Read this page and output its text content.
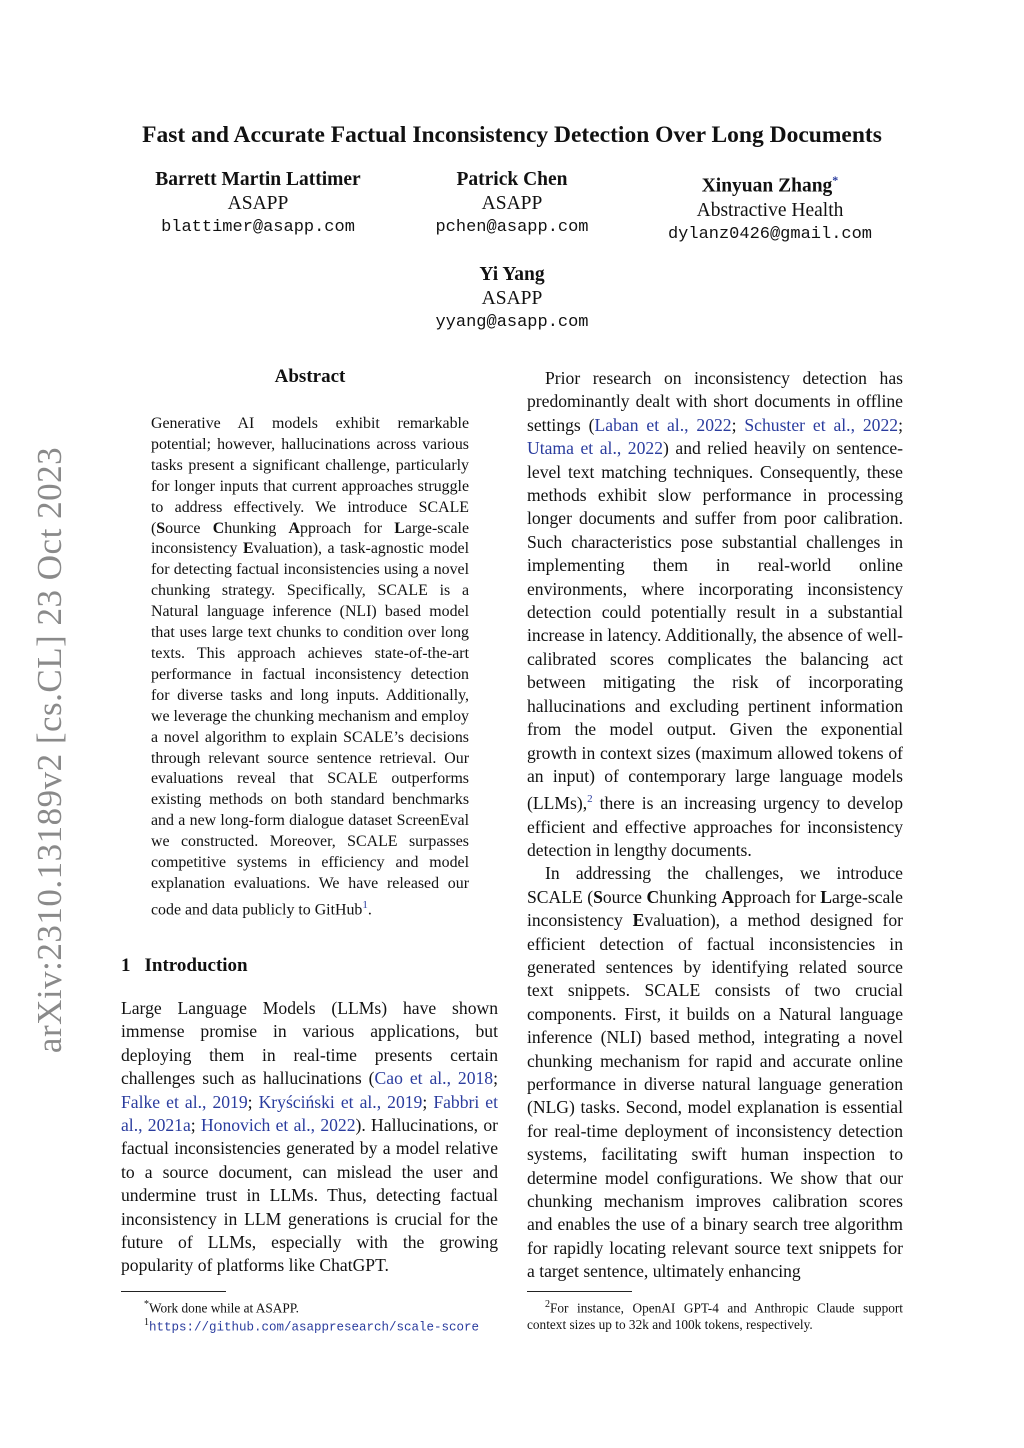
arXiv:2310.13189v2 [cs.CL] 23 Oct 2023
Fast and Accurate Factual Inconsistency Detection Over Long Documents
Barrett Martin Lattimer
ASAPP
blattimer@asapp.com
Patrick Chen
ASAPP
pchen@asapp.com
Xinyuan Zhang*
Abstractive Health
dylanz0426@gmail.com
Yi Yang
ASAPP
yyang@asapp.com
Abstract
Generative AI models exhibit remarkable potential; however, hallucinations across various tasks present a significant challenge, particularly for longer inputs that current approaches struggle to address effectively. We introduce SCALE (Source Chunking Approach for Large-scale inconsistency Evaluation), a task-agnostic model for detecting factual inconsistencies using a novel chunking strategy. Specifically, SCALE is a Natural language inference (NLI) based model that uses large text chunks to condition over long texts. This approach achieves state-of-the-art performance in factual inconsistency detection for diverse tasks and long inputs. Additionally, we leverage the chunking mechanism and employ a novel algorithm to explain SCALE’s decisions through relevant source sentence retrieval. Our evaluations reveal that SCALE outperforms existing methods on both standard benchmarks and a new long-form dialogue dataset ScreenEval we constructed. Moreover, SCALE surpasses competitive systems in efficiency and model explanation evaluations. We have released our code and data publicly to GitHub$^1$.
1 Introduction

Large Language Models (LLMs) have shown immense promise in various applications, but deploying them in real-time presents certain challenges such as hallucinations (Cao et al., 2018; Falke et al., 2019; Kryściński et al., 2019; Fabbri et al., 2021a; Honovich et al., 2022). Hallucinations, or factual inconsistencies generated by a model relative to a source document, can mislead the user and undermine trust in LLMs. Thus, detecting factual inconsistency in LLM generations is crucial for the future of LLMs, especially with the growing popularity of platforms like ChatGPT.

Prior research on inconsistency detection has predominantly dealt with short documents in offline settings (Laban et al., 2022; Schuster et al., 2022; Utama et al., 2022) and relied heavily on sentence-level text matching techniques. Consequently, these methods exhibit slow performance in processing longer documents and suffer from poor calibration. Such characteristics pose substantial challenges in implementing them in real-world online environments, where incorporating inconsistency detection could potentially result in a substantial increase in latency. Additionally, the absence of well-calibrated scores complicates the balancing act between mitigating the risk of incorporating hallucinations and excluding pertinent information from the model output. Given the exponential growth in context sizes (maximum allowed tokens of an input) of contemporary large language models (LLMs),$^2$ there is an increasing urgency to develop efficient and effective approaches for inconsistency detection in lengthy documents.

In addressing the challenges, we introduce SCALE (Source Chunking Approach for Large-scale inconsistency Evaluation), a method designed for efficient detection of factual inconsistencies in generated sentences by identifying related source text snippets. SCALE consists of two crucial components. First, it builds on a Natural language inference (NLI) based method, integrating a novel chunking mechanism for rapid and accurate online performance in diverse natural language generation (NLG) tasks. Second, model explanation is essential for real-time deployment of inconsistency detection systems, facilitating swift human inspection to determine model configurations. We show that our chunking mechanism improves calibration scores and enables the use of a binary search tree algorithm for rapidly locating relevant source text snippets for a target sentence, ultimately enhancing

*Work done while at ASAPP.
$^1$https://github.com/asappresearch/scale-score
$^2$For instance, OpenAI GPT-4 and Anthropic Claude support context sizes up to 32k and 100k tokens, respectively.
